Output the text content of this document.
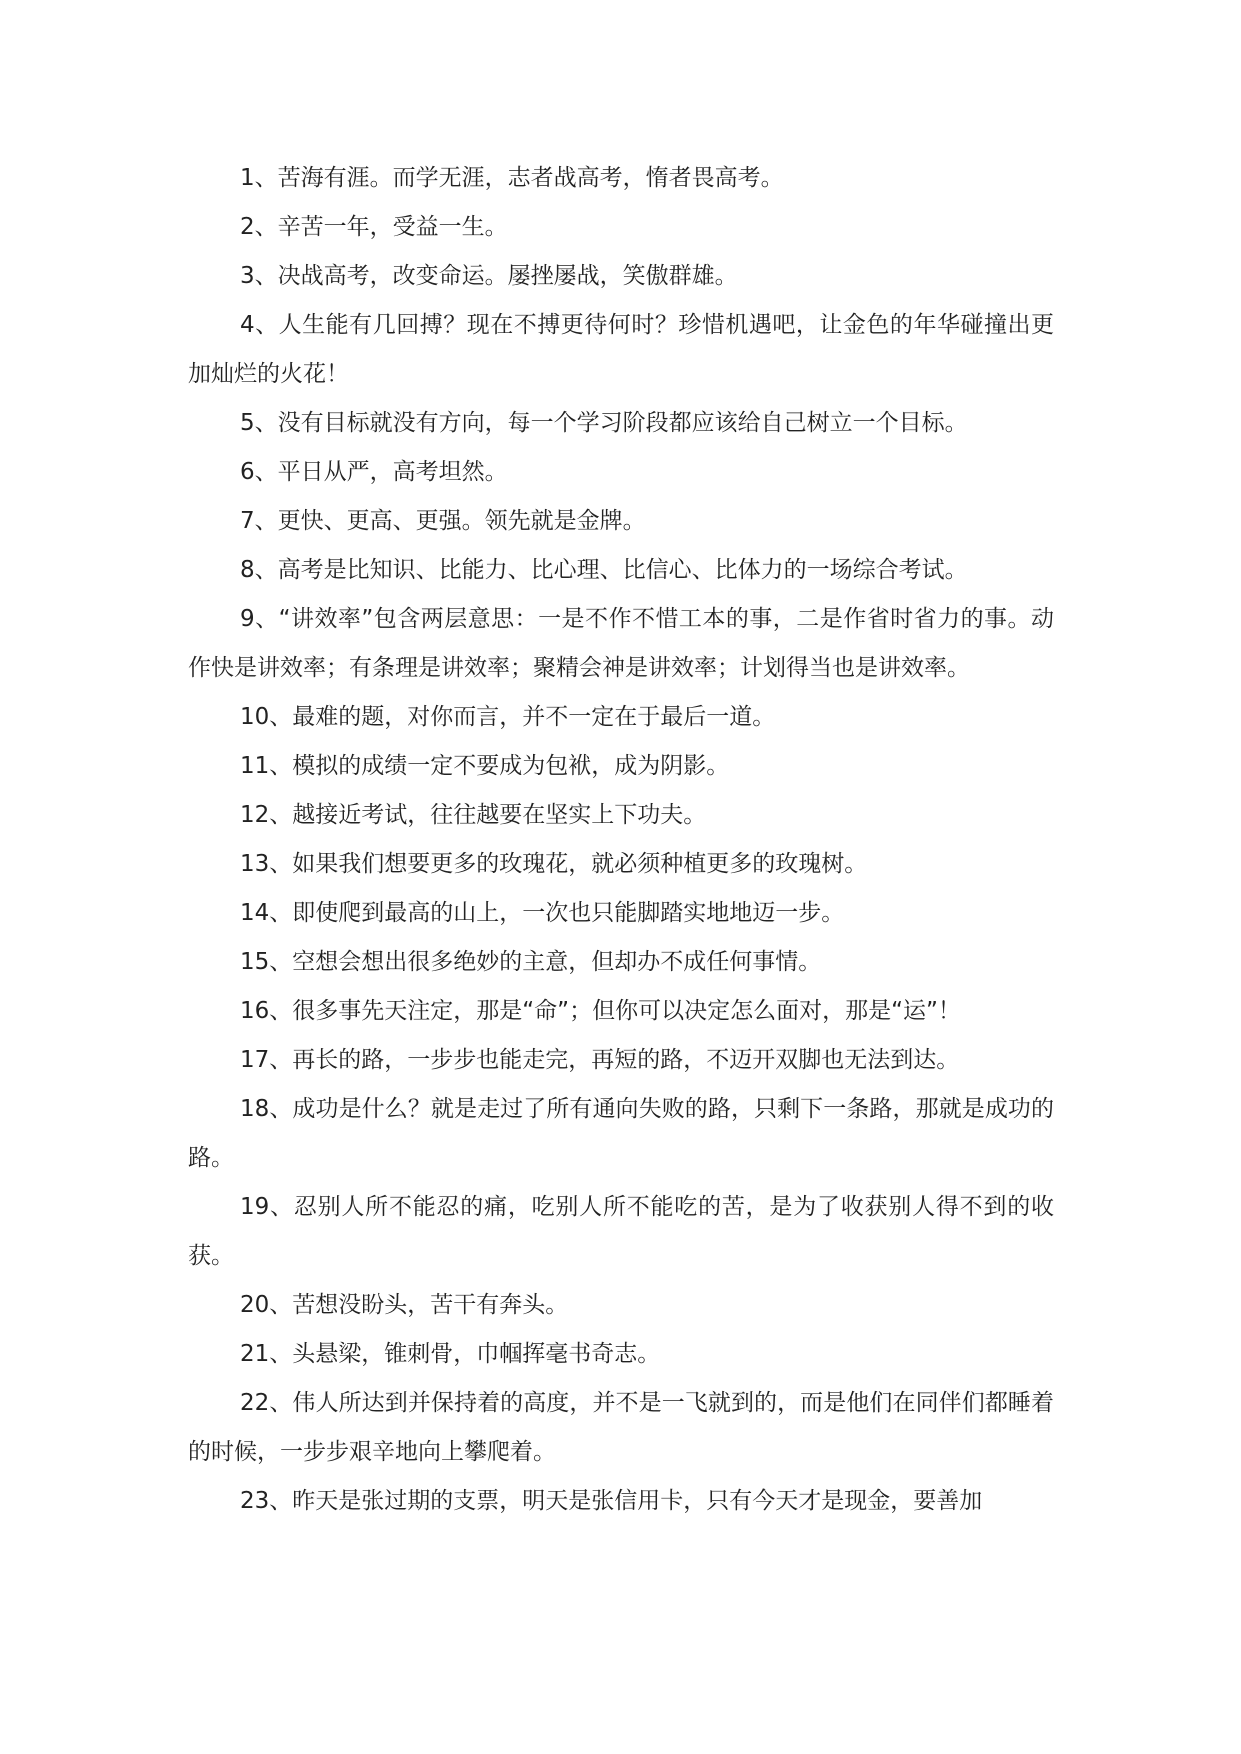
1、苦海有涯。而学无涯，志者战高考，惰者畏高考。

2、辛苦一年，受益一生。

3、决战高考，改变命运。屡挫屡战，笑傲群雄。

4、人生能有几回搏？现在不搏更待何时？珍惜机遇吧，让金色的年华碰撞出更加灿烂的火花！

5、没有目标就没有方向，每一个学习阶段都应该给自己树立一个目标。

6、平日从严，高考坦然。

7、更快、更高、更强。领先就是金牌。

8、高考是比知识、比能力、比心理、比信心、比体力的一场综合考试。

9、“讲效率”包含两层意思：一是不作不惜工本的事，二是作省时省力的事。动作快是讲效率；有条理是讲效率；聚精会神是讲效率；计划得当也是讲效率。

10、最难的题，对你而言，并不一定在于最后一道。

11、模拟的成绩一定不要成为包袱，成为阴影。

12、越接近考试，往往越要在坚实上下功夫。

13、如果我们想要更多的玫瑰花，就必须种植更多的玫瑰树。

14、即使爬到最高的山上，一次也只能脚踏实地地迈一步。

15、空想会想出很多绝妙的主意，但却办不成任何事情。

16、很多事先天注定，那是“命”；但你可以决定怎么面对，那是“运”！

17、再长的路，一步步也能走完，再短的路，不迈开双脚也无法到达。

18、成功是什么？就是走过了所有通向失败的路，只剩下一条路，那就是成功的路。

19、忍别人所不能忍的痛，吃别人所不能吃的苦，是为了收获别人得不到的收获。

20、苦想没盼头，苦干有奔头。

21、头悬梁，锥刺骨，巾帼挥毫书奇志。

22、伟人所达到并保持着的高度，并不是一飞就到的，而是他们在同伴们都睡着的时候，一步步艰辛地向上攀爬着。

23、昨天是张过期的支票，明天是张信用卡，只有今天才是现金，要善加
